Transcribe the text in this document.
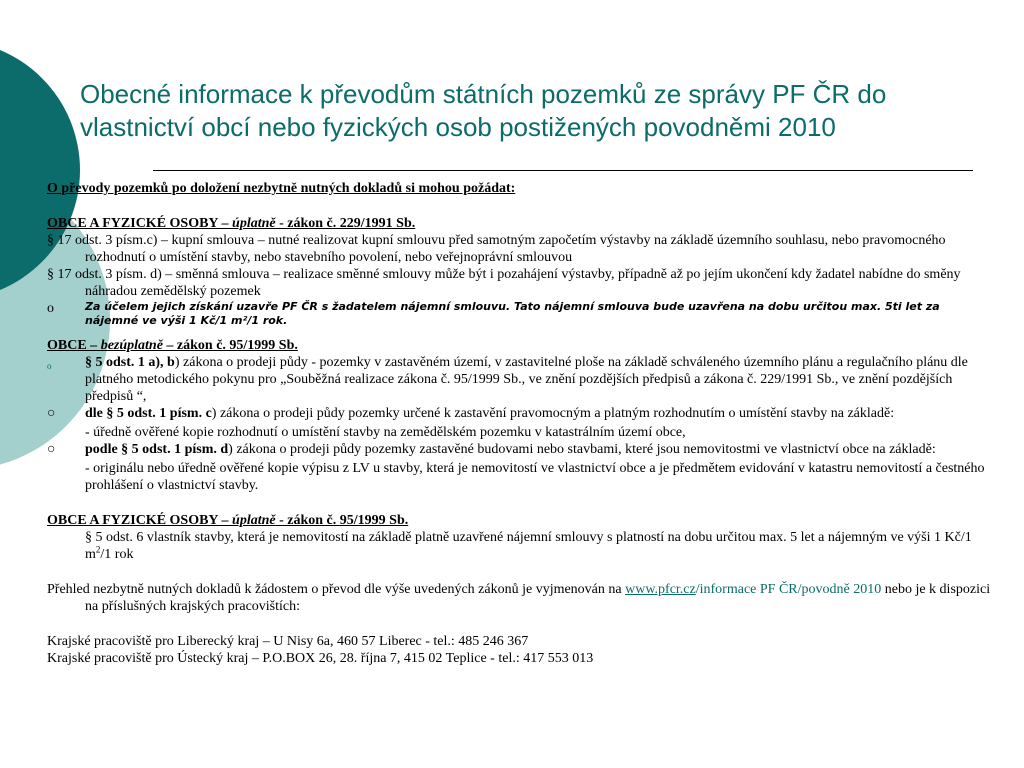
Obecné informace k převodům státních pozemků ze správy PF ČR do vlastnictví obcí nebo fyzických osob postižených povodněmi 2010

O převody pozemků po doložení nezbytně nutných dokladů si mohou požádat:

OBCE A FYZICKÉ OSOBY – úplatně - zákon č. 229/1991 Sb.

§ 17 odst. 3 písm.c) – kupní smlouva – nutné realizovat kupní smlouvu před samotným započetím výstavby na základě územního souhlasu, nebo pravomocného rozhodnutí o umístění stavby, nebo stavebního povolení, nebo veřejnoprávní smlouvou

§ 17 odst. 3 písm. d) – směnná smlouva – realizace směnné smlouvy může být i pozahájení výstavby, případně až po jejím ukončení kdy žadatel nabídne do směny náhradou zemědělský pozemek

o	Za účelem jejich získání uzavře PF ČR s žadatelem nájemní smlouvu. Tato nájemní smlouva bude uzavřena na dobu určitou max. 5ti let za nájemné ve výši 1 Kč/1 m²/1 rok.

OBCE – bezúplatně – zákon č. 95/1999 Sb.

o § 5 odst. 1 a), b) zákona o prodeji půdy - pozemky v zastavěném území, v zastavitelné ploše na základě schváleného územního plánu a regulačního plánu dle platného metodického pokynu pro „Souběžná realizace zákona č. 95/1999 Sb., ve znění pozdějších předpisů a zákona č. 229/1991 Sb., ve znění pozdějších předpisů “,

○ dle § 5 odst. 1 písm. c) zákona o prodeji půdy pozemky určené k zastavění pravomocným a platným rozhodnutím o umístění stavby na základě:

- úředně ověřené kopie rozhodnutí o umístění stavby na zemědělském pozemku v katastrálním území obce,

○ podle § 5 odst. 1 písm. d) zákona o prodeji půdy pozemky zastavěné budovami nebo stavbami, které jsou nemovitostmi ve vlastnictví obce na základě:

- originálu nebo úředně ověřené kopie výpisu z LV u stavby, která je nemovitostí ve vlastnictví obce a je předmětem evidování v katastru nemovitostí a čestného prohlášení o vlastnictví stavby.

OBCE A FYZICKÉ OSOBY – úplatně - zákon č. 95/1999 Sb.

§ 5 odst. 6 vlastník stavby, která je nemovitostí na základě platně uzavřené nájemní smlouvy s platností na dobu určitou max. 5 let a nájemným ve výši 1 Kč/1 $m^2/1$ rok

Přehled nezbytně nutných dokladů k žádostem o převod dle výše uvedených zákonů je vyjmenován na www.pfcr.cz/informace PF ČR/povodně 2010 nebo je k dispozici na příslušných krajských pracovištích:

Krajské pracoviště pro Liberecký kraj – U Nisy 6a, 460 57 Liberec - tel.: 485 246 367

Krajské pracoviště pro Ústecký kraj – P.O.BOX 26, 28. října 7, 415 02 Teplice - tel.: 417 553 013
